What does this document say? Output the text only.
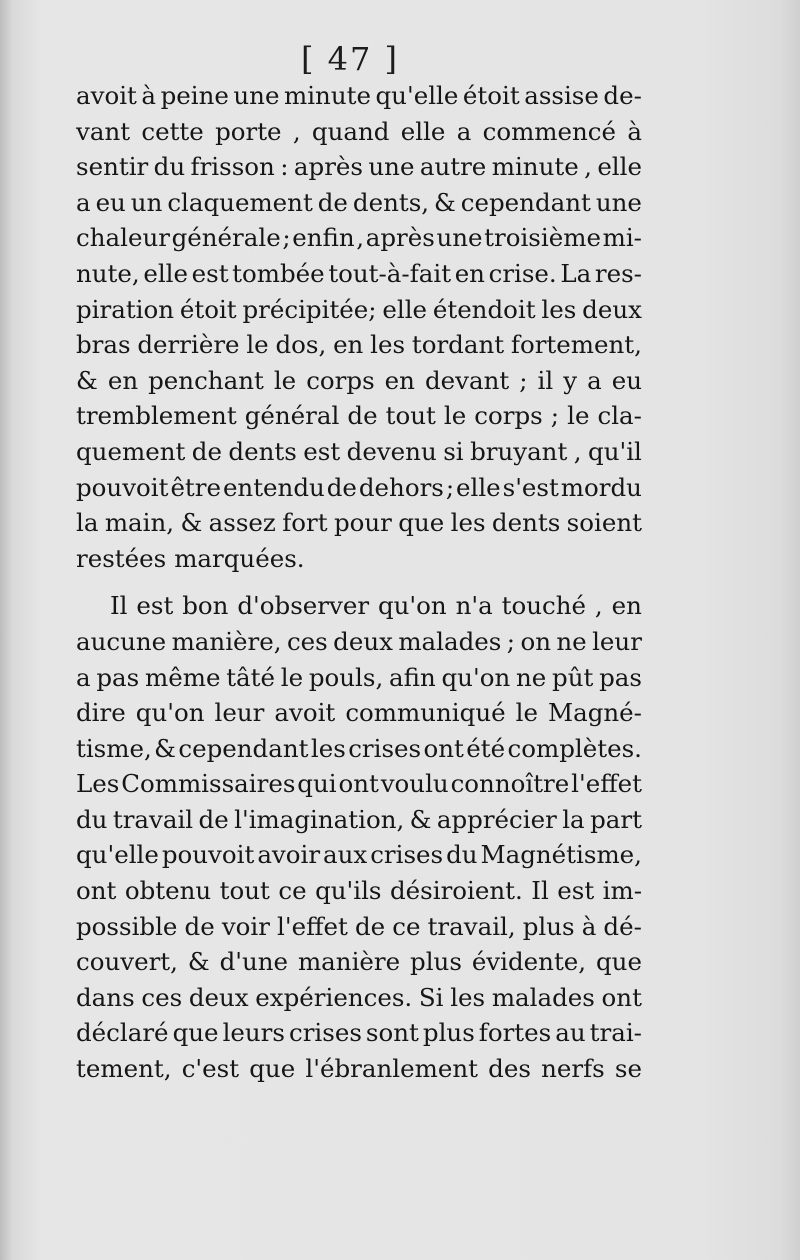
[ 47 ]
avoit à peine une minute qu'elle étoit assise de-
vant cette porte , quand elle a commencé à
sentir du frisson : après une autre minute , elle
a eu un claquement de dents, & cependant une
chaleur générale ; enfin , après une troisième mi-
nute, elle est tombée tout-à-fait en crise. La res-
piration étoit précipitée; elle étendoit les deux
bras derrière le dos, en les tordant fortement,
& en penchant le corps en devant ; il y a eu
tremblement général de tout le corps ; le cla-
quement de dents est devenu si bruyant , qu'il
pouvoit être entendu de dehors ; elle s'est mordu
la main, & assez fort pour que les dents soient
restées marquées.
Il est bon d'observer qu'on n'a touché , en
aucune manière, ces deux malades ; on ne leur
a pas même tâté le pouls, afin qu'on ne pût pas
dire qu'on leur avoit communiqué le Magné-
tisme, & cependant les crises ont été complètes.
Les Commissaires qui ont voulu connoître l'effet
du travail de l'imagination, & apprécier la part
qu'elle pouvoit avoir aux crises du Magnétisme,
ont obtenu tout ce qu'ils désiroient. Il est im-
possible de voir l'effet de ce travail, plus à dé-
couvert, & d'une manière plus évidente, que
dans ces deux expériences. Si les malades ont
déclaré que leurs crises sont plus fortes au trai-
tement, c'est que l'ébranlement des nerfs se
